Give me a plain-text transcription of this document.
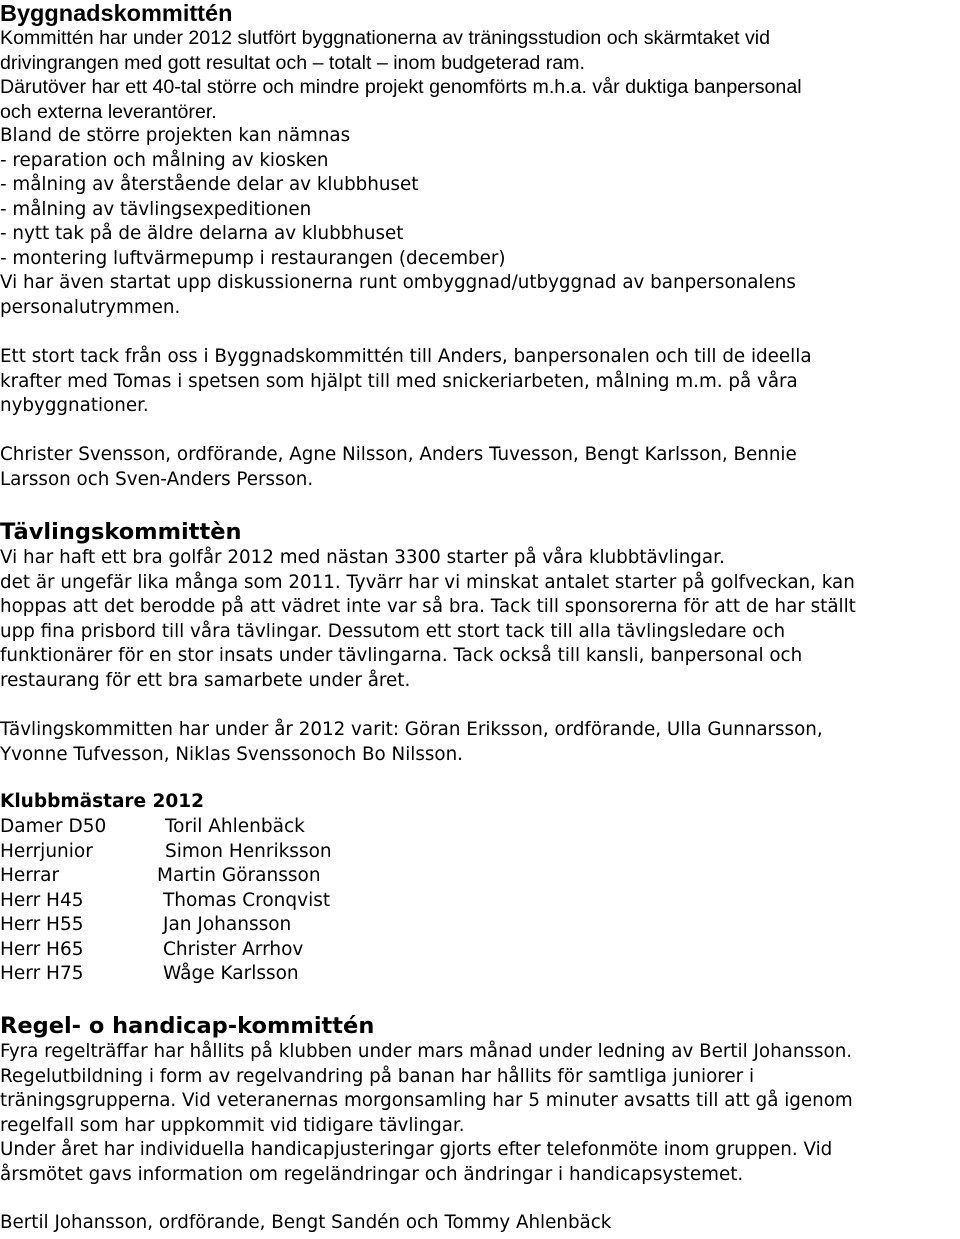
Byggnadskommittén
Kommittén har under 2012 slutfört byggnationerna av träningsstudion och skärmtaket vid
drivingrangen med gott resultat och – totalt – inom budgeterad ram.
Därutöver har ett 40-tal större och mindre projekt genomförts m.h.a. vår duktiga banpersonal
och externa leverantörer.
Bland de större projekten kan nämnas
- reparation och målning av kiosken
- målning av återstående delar av klubbhuset
- målning av tävlingsexpeditionen
- nytt tak på de äldre delarna av klubbhuset
- montering luftvärmepump i restaurangen (december)
Vi har även startat upp diskussionerna runt ombyggnad/utbyggnad av banpersonalens
personalutrymmen.
Ett stort tack från oss i Byggnadskommittén till Anders, banpersonalen och till de ideella
krafter med Tomas i spetsen som hjälpt till med snickeriarbeten, målning m.m. på våra
nybyggnationer.
Christer Svensson, ordförande, Agne Nilsson, Anders Tuvesson, Bengt Karlsson, Bennie
Larsson och Sven-Anders Persson.
Tävlingskommittèn
Vi har haft ett bra golfår 2012 med nästan 3300 starter på våra klubbtävlingar.
det är ungefär lika många som 2011. Tyvärr har vi minskat antalet starter på golfveckan, kan
hoppas att det berodde på att vädret inte var så bra. Tack till sponsorerna för att de har ställt
upp fina prisbord till våra tävlingar. Dessutom ett stort tack till alla tävlingsledare och
funktionärer för en stor insats under tävlingarna. Tack också till kansli, banpersonal och
restaurang för ett bra samarbete under året.
Tävlingskommitten har under år 2012 varit: Göran Eriksson, ordförande, Ulla Gunnarsson,
Yvonne Tufvesson, Niklas Svenssonoch Bo Nilsson.
Klubbmästare 2012
Damer D50	Toril Ahlenbäck
Herrjunior	Simon Henriksson
Herrar	Martin Göransson
Herr H45	Thomas Cronqvist
Herr H55	Jan Johansson
Herr H65	Christer Arrhov
Herr H75	Wåge Karlsson
Regel- o handicap-kommittén
Fyra regelträffar har hållits på klubben under mars månad under ledning av Bertil Johansson.
Regelutbildning i form av regelvandring på banan har hållits för samtliga juniorer i
träningsgrupperna. Vid veteranernas morgonsamling har 5 minuter avsatts till att gå igenom
regelfall som har uppkommit vid tidigare tävlingar.
Under året har individuella handicapjusteringar gjorts efter telefonmöte inom gruppen. Vid
årsmötet gavs information om regeländringar och ändringar i handicapsystemet.
Bertil Johansson, ordförande, Bengt Sandén och Tommy Ahlenbäck
